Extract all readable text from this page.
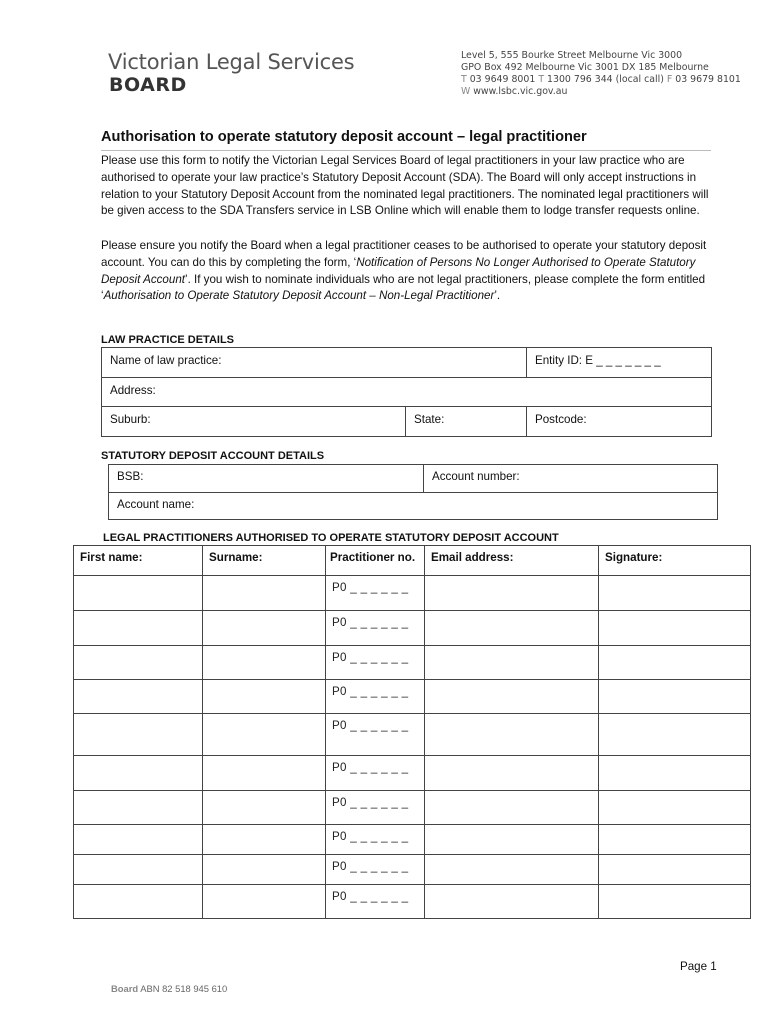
Victorian Legal Services
BOARD
Level 5, 555 Bourke Street Melbourne Vic 3000
GPO Box 492 Melbourne Vic 3001 DX 185 Melbourne
T 03 9649 8001 T 1300 796 344 (local call) F 03 9679 8101
W www.lsbc.vic.gov.au
Authorisation to operate statutory deposit account – legal practitioner
Please use this form to notify the Victorian Legal Services Board of legal practitioners in your law practice who are authorised to operate your law practice’s Statutory Deposit Account (SDA). The Board will only accept instructions in relation to your Statutory Deposit Account from the nominated legal practitioners. The nominated legal practitioners will be given access to the SDA Transfers service in LSB Online which will enable them to lodge transfer requests online.
Please ensure you notify the Board when a legal practitioner ceases to be authorised to operate your statutory deposit account. You can do this by completing the form, ‘Notification of Persons No Longer Authorised to Operate Statutory Deposit Account’. If you wish to nominate individuals who are not legal practitioners, please complete the form entitled ‘Authorisation to Operate Statutory Deposit Account – Non-Legal Practitioner’.
LAW PRACTICE DETAILS
Name of law practice:	Entity ID: E _ _ _ _ _ _ _
Address:
Suburb:	State:	Postcode:
STATUTORY DEPOSIT ACCOUNT DETAILS
BSB:	Account number:
Account name:
LEGAL PRACTITIONERS AUTHORISED TO OPERATE STATUTORY DEPOSIT ACCOUNT
First name:	Surname:	Practitioner no.	Email address:	Signature:
		P0 _ _ _ _ _ _		
		P0 _ _ _ _ _ _		
		P0 _ _ _ _ _ _		
		P0 _ _ _ _ _ _		
		P0 _ _ _ _ _ _		
		P0 _ _ _ _ _ _		
		P0 _ _ _ _ _ _		
		P0 _ _ _ _ _ _		
		P0 _ _ _ _ _ _		
		P0 _ _ _ _ _ _		
Page 1
Board ABN 82 518 945 610
